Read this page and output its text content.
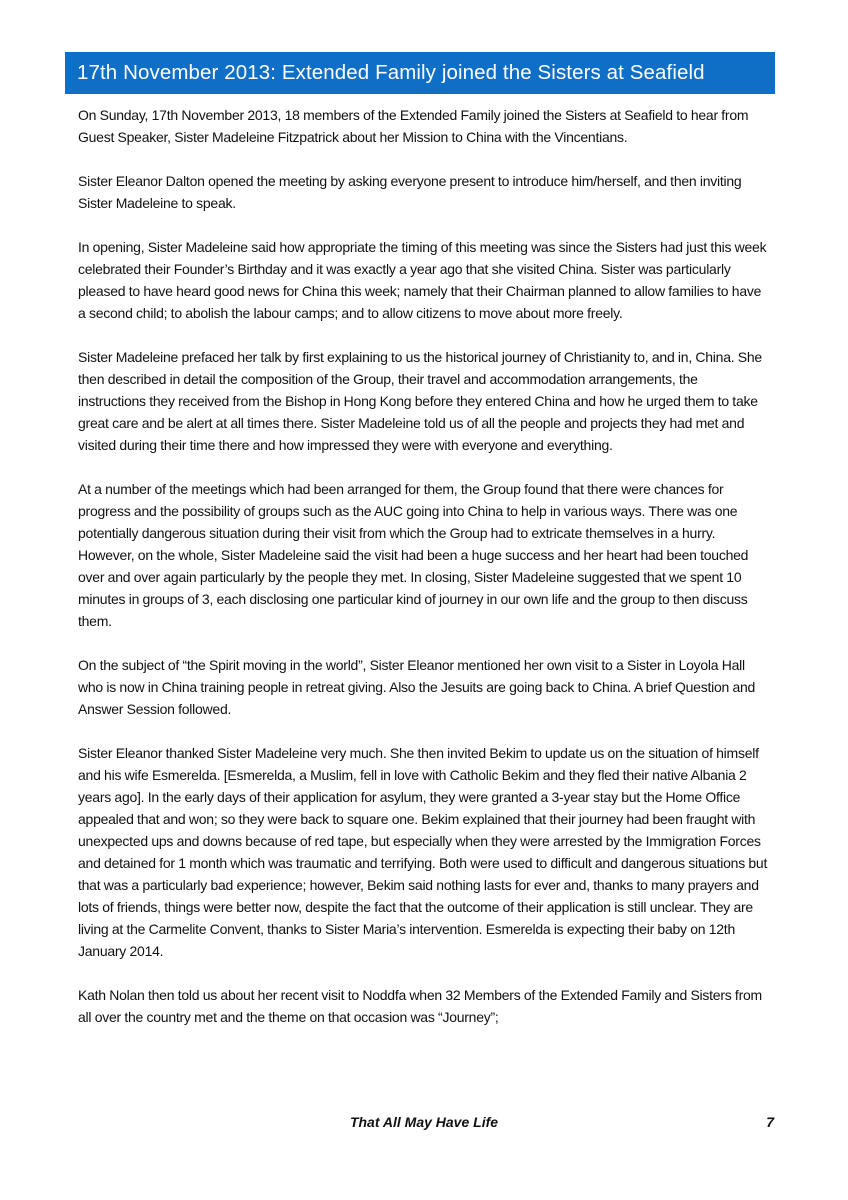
17th November 2013: Extended Family joined the Sisters at Seafield

On Sunday, 17th November 2013, 18 members of the Extended Family joined the Sisters at Seafield to hear from Guest Speaker, Sister Madeleine Fitzpatrick about her Mission to China with the Vincentians.

Sister Eleanor Dalton opened the meeting by asking everyone present to introduce him/herself, and then inviting Sister Madeleine to speak.

In opening, Sister Madeleine said how appropriate the timing of this meeting was since the Sisters had just this week celebrated their Founder’s Birthday and it was exactly a year ago that she visited China. Sister was particularly pleased to have heard good news for China this week; namely that their Chairman planned to allow families to have a second child; to abolish the labour camps; and to allow citizens to move about more freely.

Sister Madeleine prefaced her talk by first explaining to us the historical journey of Christianity to, and in, China. She then described in detail the composition of the Group, their travel and accommodation arrangements, the instructions they received from the Bishop in Hong Kong before they entered China and how he urged them to take great care and be alert at all times there. Sister Madeleine told us of all the people and projects they had met and visited during their time there and how impressed they were with everyone and everything.

At a number of the meetings which had been arranged for them, the Group found that there were chances for progress and the possibility of groups such as the AUC going into China to help in various ways. There was one potentially dangerous situation during their visit from which the Group had to extricate themselves in a hurry. However, on the whole, Sister Madeleine said the visit had been a huge success and her heart had been touched over and over again particularly by the people they met. In closing, Sister Madeleine suggested that we spent 10 minutes in groups of 3, each disclosing one particular kind of journey in our own life and the group to then discuss them.

On the subject of “the Spirit moving in the world”, Sister Eleanor mentioned her own visit to a Sister in Loyola Hall who is now in China training people in retreat giving. Also the Jesuits are going back to China. A brief Question and Answer Session followed.

Sister Eleanor thanked Sister Madeleine very much. She then invited Bekim to update us on the situation of himself and his wife Esmerelda. [Esmerelda, a Muslim, fell in love with Catholic Bekim and they fled their native Albania 2 years ago]. In the early days of their application for asylum, they were granted a 3-year stay but the Home Office appealed that and won; so they were back to square one. Bekim explained that their journey had been fraught with unexpected ups and downs because of red tape, but especially when they were arrested by the Immigration Forces and detained for 1 month which was traumatic and terrifying. Both were used to difficult and dangerous situations but that was a particularly bad experience; however, Bekim said nothing lasts for ever and, thanks to many prayers and lots of friends, things were better now, despite the fact that the outcome of their application is still unclear. They are living at the Carmelite Convent, thanks to Sister Maria’s intervention. Esmerelda is expecting their baby on 12th January 2014.

Kath Nolan then told us about her recent visit to Noddfa when 32 Members of the Extended Family and Sisters from all over the country met and the theme on that occasion was “Journey”;

That All May Have Life	7
